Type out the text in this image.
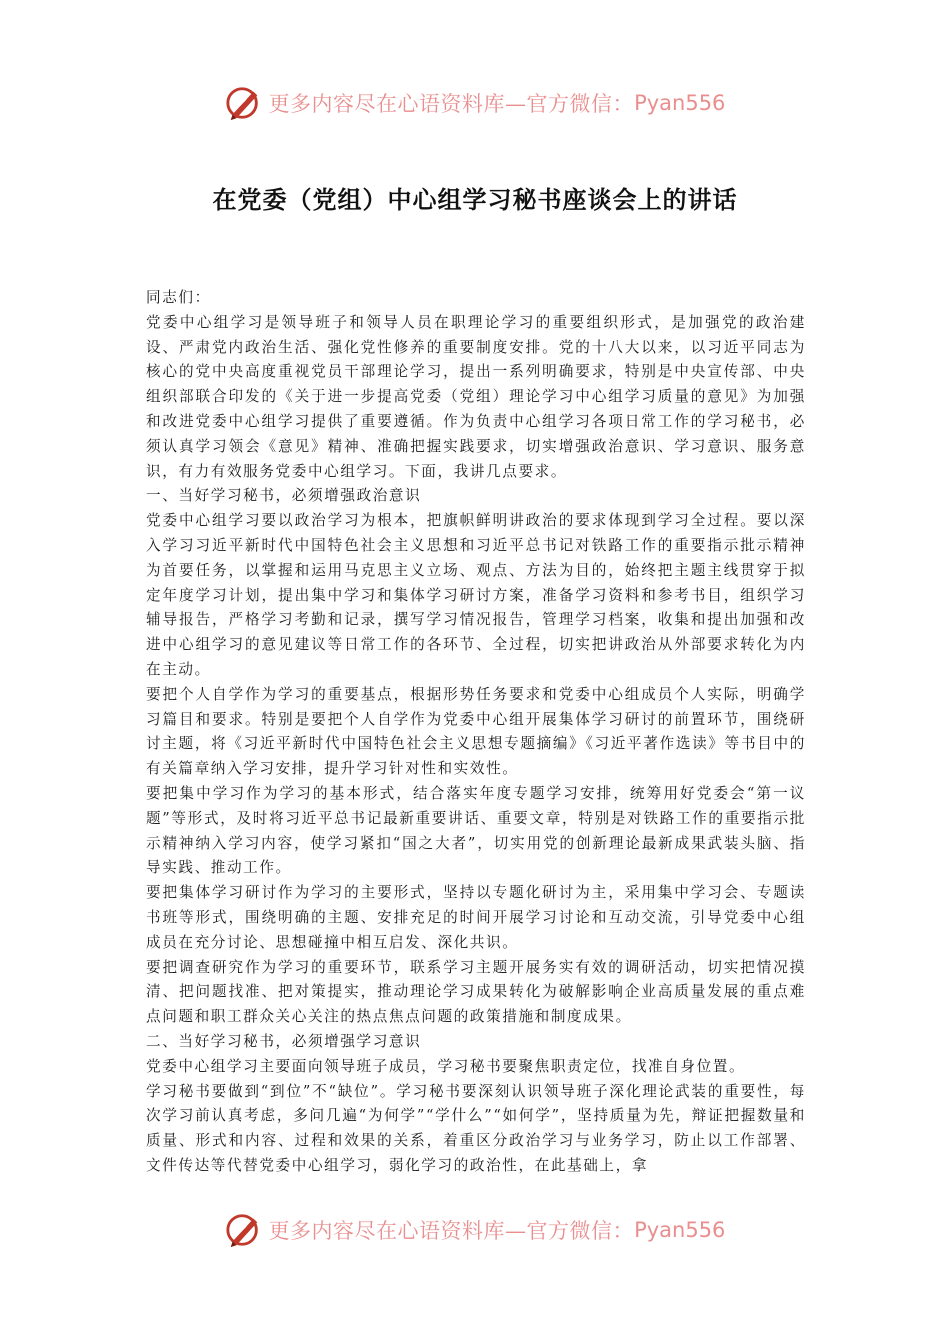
更多内容尽在心语资料库—官方微信： Pyan556
在党委（党组）中心组学习秘书座谈会上的讲话

同志们：

党委中心组学习是领导班子和领导人员在职理论学习的重要组织形式，是加强党的政治建设、严肃党内政治生活、强化党性修养的重要制度安排。党的十八大以来，以习近平同志为核心的党中央高度重视党员干部理论学习，提出一系列明确要求，特别是中央宣传部、中央组织部联合印发的《关于进一步提高党委（党组）理论学习中心组学习质量的意见》为加强和改进党委中心组学习提供了重要遵循。作为负责中心组学习各项日常工作的学习秘书，必须认真学习领会《意见》精神、准确把握实践要求，切实增强政治意识、学习意识、服务意识，有力有效服务党委中心组学习。下面，我讲几点要求。

一、当好学习秘书，必须增强政治意识

党委中心组学习要以政治学习为根本，把旗帜鲜明讲政治的要求体现到学习全过程。要以深入学习习近平新时代中国特色社会主义思想和习近平总书记对铁路工作的重要指示批示精神为首要任务，以掌握和运用马克思主义立场、观点、方法为目的，始终把主题主线贯穿于拟定年度学习计划，提出集中学习和集体学习研讨方案，准备学习资料和参考书目，组织学习辅导报告，严格学习考勤和记录，撰写学习情况报告，管理学习档案，收集和提出加强和改进中心组学习的意见建议等日常工作的各环节、全过程，切实把讲政治从外部要求转化为内在主动。

要把个人自学作为学习的重要基点，根据形势任务要求和党委中心组成员个人实际，明确学习篇目和要求。特别是要把个人自学作为党委中心组开展集体学习研讨的前置环节，围绕研讨主题，将《习近平新时代中国特色社会主义思想专题摘编》《习近平著作选读》等书目中的有关篇章纳入学习安排，提升学习针对性和实效性。

要把集中学习作为学习的基本形式，结合落实年度专题学习安排，统筹用好党委会“第一议题”等形式，及时将习近平总书记最新重要讲话、重要文章，特别是对铁路工作的重要指示批示精神纳入学习内容，使学习紧扣“国之大者”，切实用党的创新理论最新成果武装头脑、指导实践、推动工作。

要把集体学习研讨作为学习的主要形式，坚持以专题化研讨为主，采用集中学习会、专题读书班等形式，围绕明确的主题、安排充足的时间开展学习讨论和互动交流，引导党委中心组成员在充分讨论、思想碰撞中相互启发、深化共识。

要把调查研究作为学习的重要环节，联系学习主题开展务实有效的调研活动，切实把情况摸清、把问题找准、把对策提实，推动理论学习成果转化为破解影响企业高质量发展的重点难点问题和职工群众关心关注的热点焦点问题的政策措施和制度成果。

二、当好学习秘书，必须增强学习意识

党委中心组学习主要面向领导班子成员，学习秘书要聚焦职责定位，找准自身位置。

学习秘书要做到“到位”不“缺位”。学习秘书要深刻认识领导班子深化理论武装的重要性，每次学习前认真考虑，多问几遍“为何学”“学什么”“如何学”，坚持质量为先，辩证把握数量和质量、形式和内容、过程和效果的关系，着重区分政治学习与业务学习，防止以工作部署、文件传达等代替党委中心组学习，弱化学习的政治性，在此基础上，拿

更多内容尽在心语资料库—官方微信： Pyan556
